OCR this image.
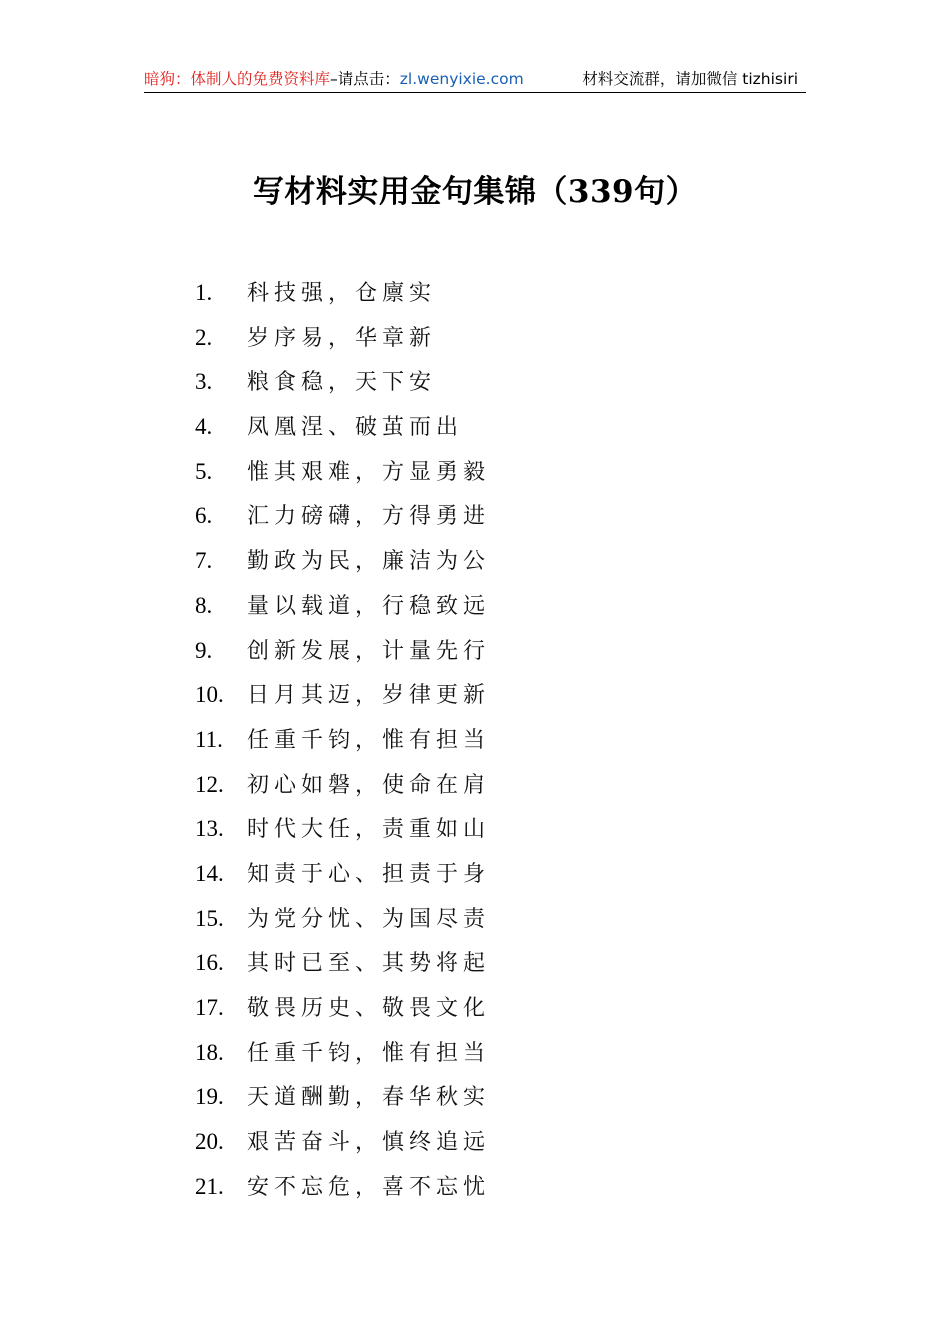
暗狗：体制人的免费资料库–请点击：zl.wenyixie.com	材料交流群，请加微信 tizhisiri
写材料实用金句集锦（339句）
1. 科技强，仓廪实
2. 岁序易，华章新
3. 粮食稳，天下安
4. 凤凰涅、破茧而出
5. 惟其艰难，方显勇毅
6. 汇力磅礴，方得勇进
7. 勤政为民，廉洁为公
8. 量以载道，行稳致远
9. 创新发展，计量先行
10. 日月其迈，岁律更新
11. 任重千钧，惟有担当
12. 初心如磐，使命在肩
13. 时代大任，责重如山
14. 知责于心、担责于身
15. 为党分忧、为国尽责
16. 其时已至、其势将起
17. 敬畏历史、敬畏文化
18. 任重千钧，惟有担当
19. 天道酬勤，春华秋实
20. 艰苦奋斗，慎终追远
21. 安不忘危，喜不忘忧
